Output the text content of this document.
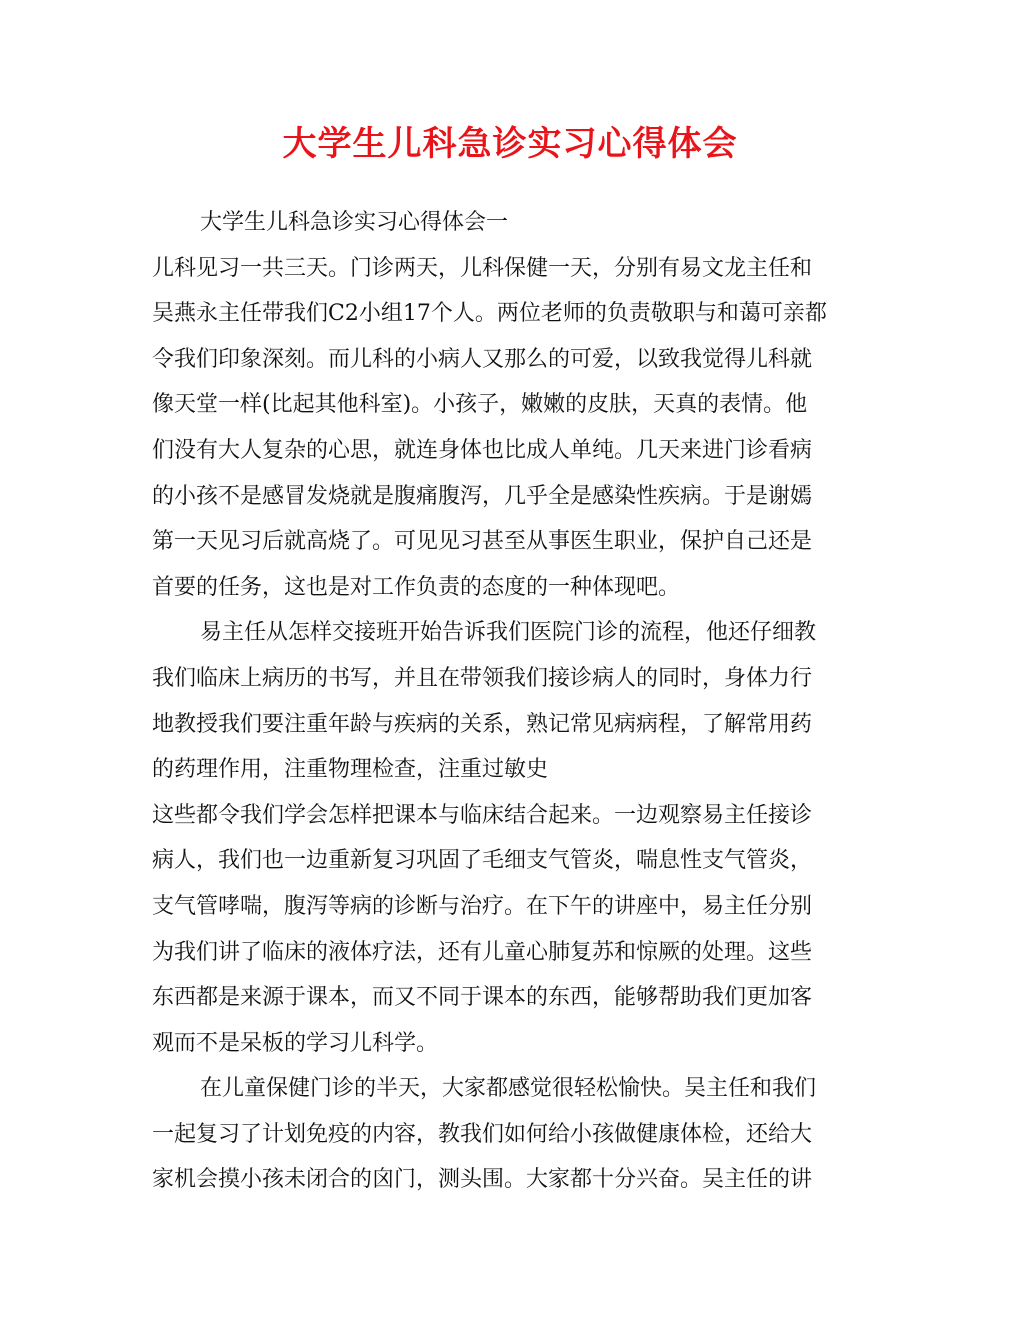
大学生儿科急诊实习心得体会
大学生儿科急诊实习心得体会一
儿科见习一共三天。门诊两天，儿科保健一天，分别有易文龙主任和
吴燕永主任带我们C2小组17个人。两位老师的负责敬职与和蔼可亲都
令我们印象深刻。而儿科的小病人又那么的可爱，以致我觉得儿科就
像天堂一样(比起其他科室)。小孩子，嫩嫩的皮肤，天真的表情。他
们没有大人复杂的心思，就连身体也比成人单纯。几天来进门诊看病
的小孩不是感冒发烧就是腹痛腹泻，几乎全是感染性疾病。于是谢嫣
第一天见习后就高烧了。可见见习甚至从事医生职业，保护自己还是
首要的任务，这也是对工作负责的态度的一种体现吧。
易主任从怎样交接班开始告诉我们医院门诊的流程，他还仔细教
我们临床上病历的书写，并且在带领我们接诊病人的同时，身体力行
地教授我们要注重年龄与疾病的关系，熟记常见病病程，了解常用药
的药理作用，注重物理检查，注重过敏史
这些都令我们学会怎样把课本与临床结合起来。一边观察易主任接诊
病人，我们也一边重新复习巩固了毛细支气管炎，喘息性支气管炎，
支气管哮喘，腹泻等病的诊断与治疗。在下午的讲座中，易主任分别
为我们讲了临床的液体疗法，还有儿童心肺复苏和惊厥的处理。这些
东西都是来源于课本，而又不同于课本的东西，能够帮助我们更加客
观而不是呆板的学习儿科学。
在儿童保健门诊的半天，大家都感觉很轻松愉快。吴主任和我们
一起复习了计划免疫的内容，教我们如何给小孩做健康体检，还给大
家机会摸小孩未闭合的囟门，测头围。大家都十分兴奋。吴主任的讲
